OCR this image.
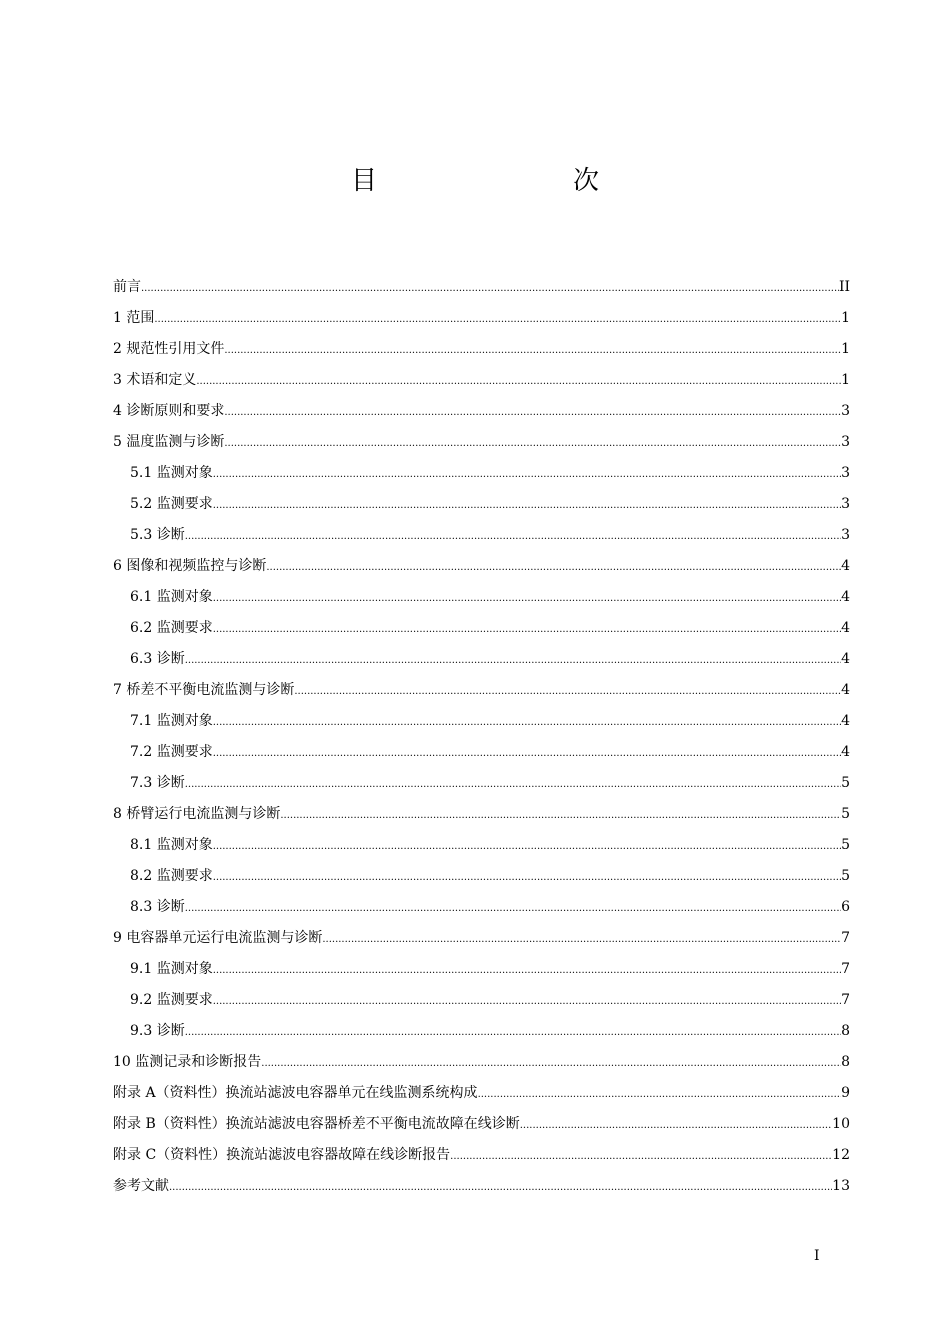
目　　次
前言 .....	II
1 范围 .....	1
2 规范性引用文件 .....	1
3 术语和定义 .....	1
4 诊断原则和要求 .....	3
5 温度监测与诊断 .....	3
5.1 监测对象 .....	3
5.2 监测要求 .....	3
5.3 诊断 .....	3
6 图像和视频监控与诊断 .....	4
6.1 监测对象 .....	4
6.2 监测要求 .....	4
6.3 诊断 .....	4
7 桥差不平衡电流监测与诊断 .....	4
7.1 监测对象 .....	4
7.2 监测要求 .....	4
7.3 诊断 .....	5
8 桥臂运行电流监测与诊断 .....	5
8.1 监测对象 .....	5
8.2 监测要求 .....	5
8.3 诊断 .....	6
9 电容器单元运行电流监测与诊断 .....	7
9.1 监测对象 .....	7
9.2 监测要求 .....	7
9.3 诊断 .....	8
10 监测记录和诊断报告 .....	8
附录 A（资料性）换流站滤波电容器单元在线监测系统构成 .....	9
附录 B（资料性）换流站滤波电容器桥差不平衡电流故障在线诊断 .....	10
附录 C（资料性）换流站滤波电容器故障在线诊断报告 .....	12
参考文献 .....	13
I
